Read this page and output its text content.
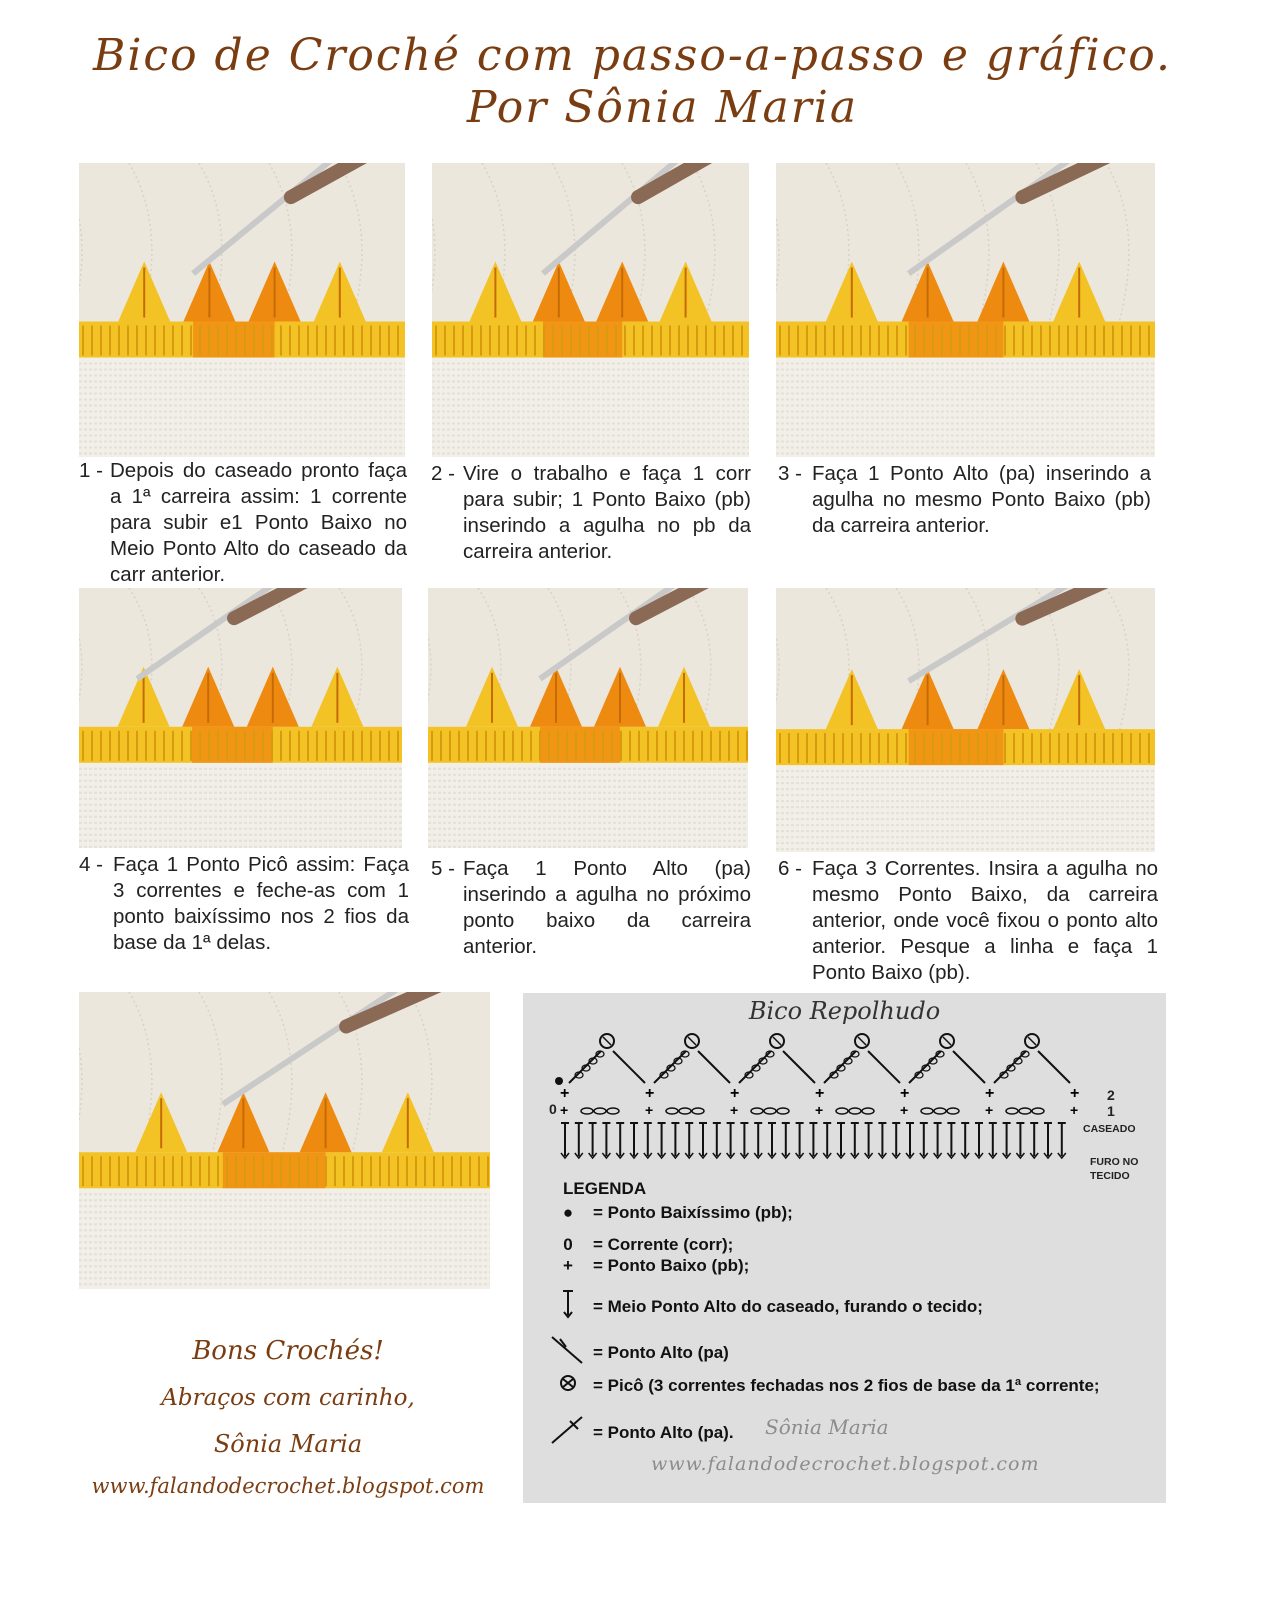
Bico de Croché com passo-a-passo e gráfico.
Por Sônia Maria
1 - Depois do caseado pronto faça a 1ª carreira assim: 1 corrente para subir e1 Ponto Baixo no Meio Ponto Alto do caseado da carr anterior.
2 - Vire o trabalho e faça 1 corr para subir; 1 Ponto Baixo (pb) inserindo a agulha no pb da carreira anterior.
3 - Faça 1 Ponto Alto (pa) inserindo a agulha no mesmo Ponto Baixo (pb) da carreira anterior.
4 - Faça 1 Ponto Picô assim: Faça 3 correntes e feche-as com 1 ponto baixíssimo nos 2 fios da base da 1ª delas.
5 - Faça 1 Ponto Alto (pa) inserindo a agulha no próximo ponto baixo da carreira anterior.
6 - Faça 3 Correntes. Insira a agulha no mesmo Ponto Baixo, da carreira anterior, onde você fixou o ponto alto anterior. Pesque a linha e faça 1 Ponto Baixo (pb).
Bons Crochés!
Abraços com carinho,
Sônia Maria
www.falandodecrochet.blogspot.com
Bico Repolhudo
+
+
+
+
+
+
+
+
+
+
+
+
+
+
0
2
1
CASEADO
FURO NO
TECIDO
LEGENDA
●	= Ponto Baixíssimo (pb);
0	= Corrente (corr);
+	= Ponto Baixo (pb);
= Meio Ponto Alto do caseado, furando o tecido;
= Ponto Alto (pa)
= Picô (3 correntes fechadas nos 2 fios de base da 1ª corrente;
= Ponto Alto (pa). Sônia Maria
www.falandodecrochet.blogspot.com
